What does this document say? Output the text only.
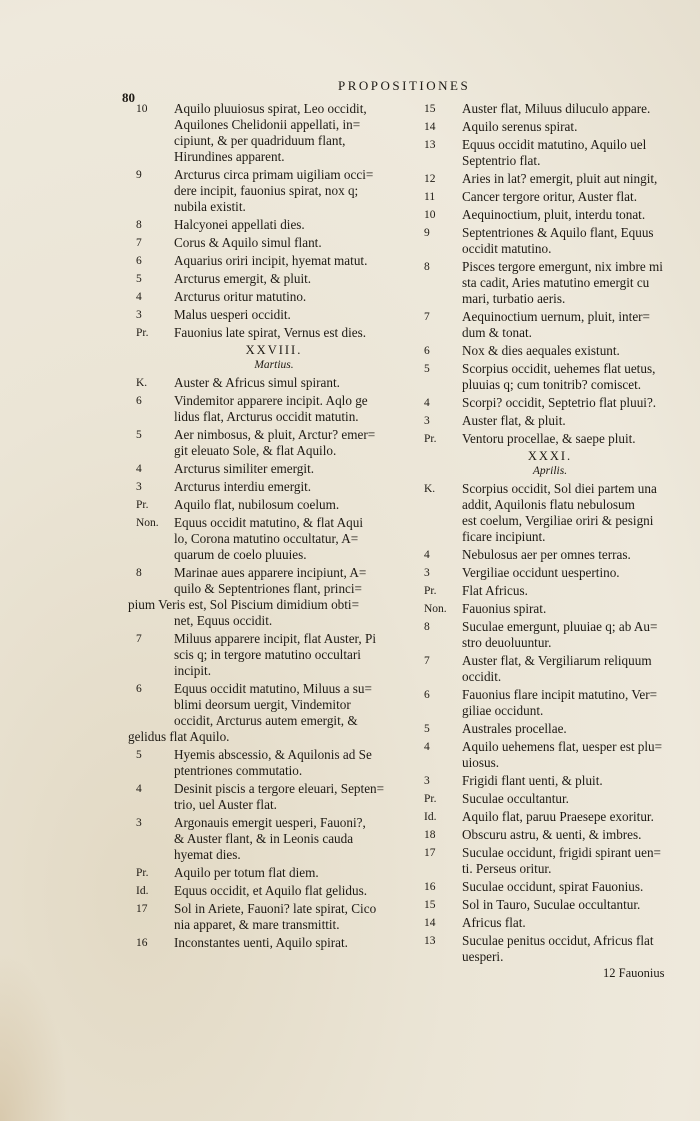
80
PROPOSITIONES
10	Aquilo pluuiosus spirat, Leo occidit,
Aquilones Chelidonii appellati, in=
cipiunt, & per quadriduum flant,
Hirundines apparent.
9	Arcturus circa primam uigiliam occi=
dere incipit, fauonius spirat, nox q;
nubila existit.
8	Halcyonei appellati dies.
7	Corus & Aquilo simul flant.
6	Aquarius oriri incipit, hyemat matut.
5	Arcturus emergit, & pluit.
4	Arcturus oritur matutino.
3	Malus uesperi occidit.
Pr.	Fauonius late spirat, Vernus est dies.
XXVIII.
Martius.
K.	Auster & Africus simul spirant.
6	Vindemitor apparere incipit. Aqlo ge
lidus flat, Arcturus occidit matutin.
5	Aer nimbosus, & pluit, Arctur? emer=
git eleuato Sole, & flat Aquilo.
4	Arcturus similiter emergit.
3	Arcturus interdiu emergit.
Pr.	Aquilo flat, nubilosum coelum.
Non.	Equus occidit matutino, & flat Aqui
lo, Corona matutino occultatur, A=
quarum de coelo pluuies.
8	Marinae aues apparere incipiunt, A=
quilo & Septentriones flant, princi=
pium Veris est, Sol Piscium dimidium obti=
net, Equus occidit.
7	Miluus apparere incipit, flat Auster, Pi
scis q; in tergore matutino occultari
incipit.
6	Equus occidit matutino, Miluus a su=
blimi deorsum uergit, Vindemitor
occidit, Arcturus autem emergit, &
gelidus flat Aquilo.
5	Hyemis abscessio, & Aquilonis ad Se
ptentriones commutatio.
4	Desinit piscis a tergore eleuari, Septen=
trio, uel Auster flat.
3	Argonauis emergit uesperi, Fauoni?,
& Auster flant, & in Leonis cauda
hyemat dies.
Pr.	Aquilo per totum flat diem.
Id.	Equus occidit, et Aquilo flat gelidus.
17	Sol in Ariete, Fauoni? late spirat, Cico
nia apparet, & mare transmittit.
16	Inconstantes uenti, Aquilo spirat.
15	Auster flat, Miluus diluculo appare.
14	Aquilo serenus spirat.
13	Equus occidit matutino, Aquilo uel
Septentrio flat.
12	Aries in lat? emergit, pluit aut ningit,
11	Cancer tergore oritur, Auster flat.
10	Aequinoctium, pluit, interdu tonat.
9	Septentriones & Aquilo flant, Equus
occidit matutino.
8	Pisces tergore emergunt, nix imbre mi
sta cadit, Aries matutino emergit cu
mari, turbatio aeris.
7	Aequinoctium uernum, pluit, inter=
dum & tonat.
6	Nox & dies aequales existunt.
5	Scorpius occidit, uehemes flat uetus,
pluuias q; cum tonitrib? comiscet.
4	Scorpi? occidit, Septetrio flat pluui?.
3	Auster flat, & pluit.
Pr.	Ventoru procellae, & saepe pluit.
XXXI.
Aprilis.
K.	Scorpius occidit, Sol diei partem una
addit, Aquilonis flatu nebulosum
est coelum, Vergiliae oriri & pesigni
ficare incipiunt.
4	Nebulosus aer per omnes terras.
3	Vergiliae occidunt uespertino.
Pr.	Flat Africus.
Non.	Fauonius spirat.
8	Suculae emergunt, pluuiae q; ab Au=
stro deuoluuntur.
7	Auster flat, & Vergiliarum reliquum
occidit.
6	Fauonius flare incipit matutino, Ver=
giliae occidunt.
5	Australes procellae.
4	Aquilo uehemens flat, uesper est plu=
uiosus.
3	Frigidi flant uenti, & pluit.
Pr.	Suculae occultantur.
Id.	Aquilo flat, paruu Praesepe exoritur.
18	Obscuru astru, & uenti, & imbres.
17	Suculae occidunt, frigidi spirant uen=
ti. Perseus oritur.
16	Suculae occidunt, spirat Fauonius.
15	Sol in Tauro, Suculae occultantur.
14	Africus flat.
13	Suculae penitus occidut, Africus flat
uesperi.
12 Fauonius
